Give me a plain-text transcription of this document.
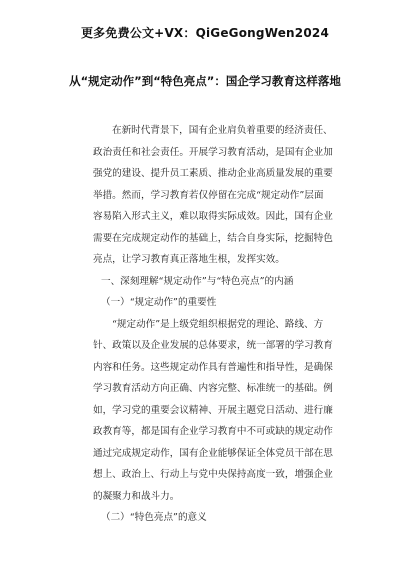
更多免费公文+VX：QiGeGongWen2024
从“规定动作”到“特色亮点”：国企学习教育这样落地
在新时代背景下，国有企业肩负着重要的经济责任、
政治责任和社会责任。开展学习教育活动，是国有企业加
强党的建设、提升员工素质、推动企业高质量发展的重要
举措。然而，学习教育若仅停留在完成“规定动作”层面
容易陷入形式主义，难以取得实际成效。因此，国有企业
需要在完成规定动作的基础上，结合自身实际，挖掘特色
亮点，让学习教育真正落地生根，发挥实效。
一、深刻理解“规定动作”与“特色亮点”的内涵
（一）“规定动作”的重要性
“规定动作”是上级党组织根据党的理论、路线、方
针、政策以及企业发展的总体要求，统一部署的学习教育
内容和任务。这些规定动作具有普遍性和指导性，是确保
学习教育活动方向正确、内容完整、标准统一的基础。例
如，学习党的重要会议精神、开展主题党日活动、进行廉
政教育等，都是国有企业学习教育中不可或缺的规定动作
通过完成规定动作，国有企业能够保证全体党员干部在思
想上、政治上、行动上与党中央保持高度一致，增强企业
的凝聚力和战斗力。
（二）“特色亮点”的意义
